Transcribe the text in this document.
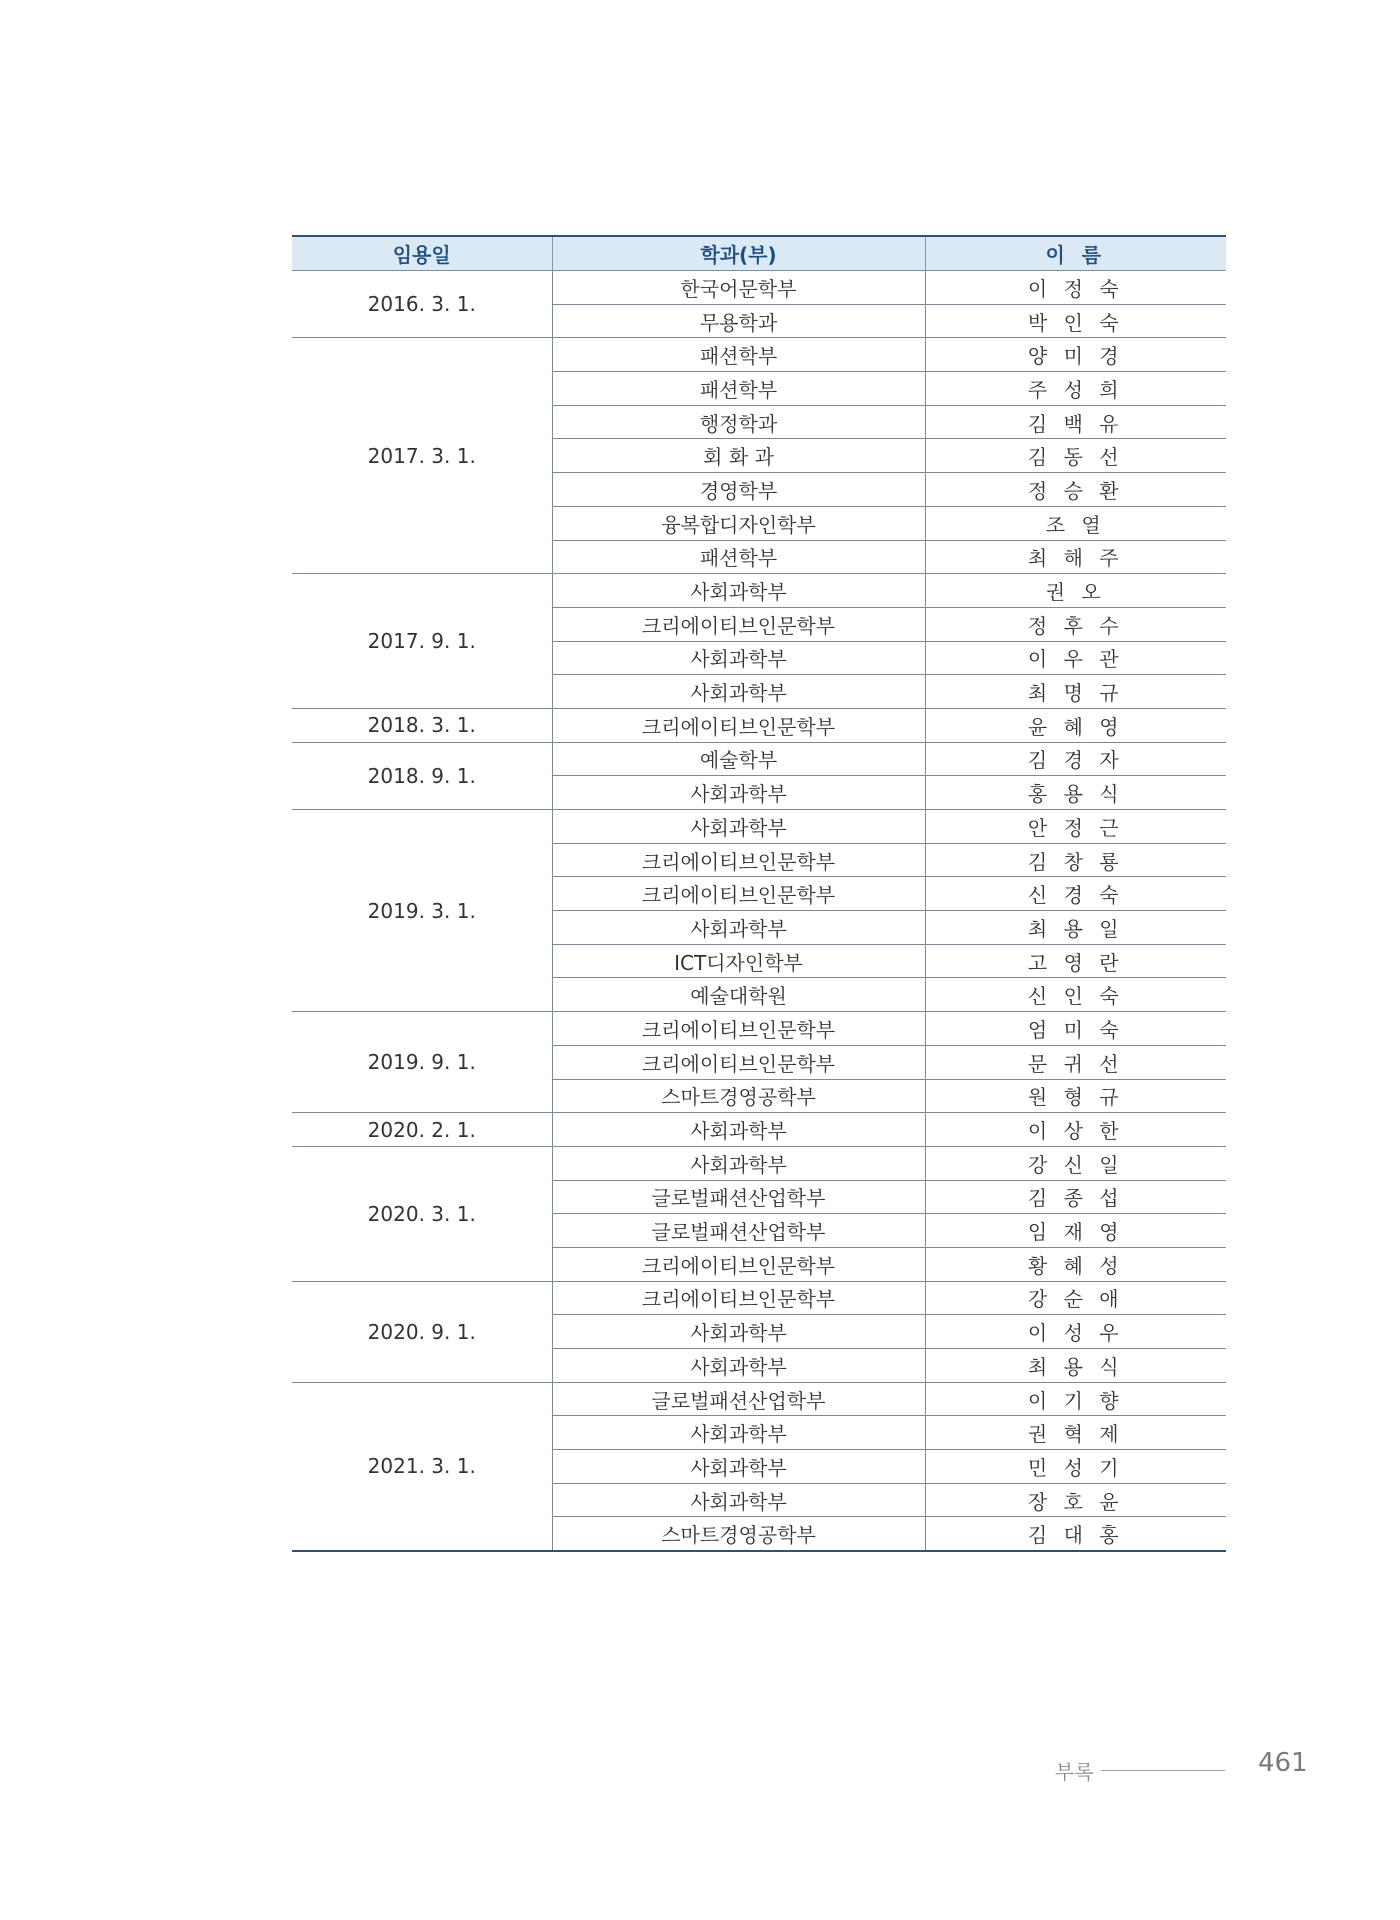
임용일	학과(부)	이 름
2016. 3. 1.	한국어문학부	이 정 숙
	무용학과	박 인 숙
2017. 3. 1.	패션학부	양 미 경
	패션학부	주 성 희
	행정학과	김 백 유
	회 화 과	김 동 선
	경영학부	정 승 환
	융복합디자인학부	조 열
	패션학부	최 해 주
2017. 9. 1.	사회과학부	권 오
	크리에이티브인문학부	정 후 수
	사회과학부	이 우 관
	사회과학부	최 명 규
2018. 3. 1.	크리에이티브인문학부	윤 혜 영
2018. 9. 1.	예술학부	김 경 자
	사회과학부	홍 용 식
2019. 3. 1.	사회과학부	안 정 근
	크리에이티브인문학부	김 창 룡
	크리에이티브인문학부	신 경 숙
	사회과학부	최 용 일
	ICT디자인학부	고 영 란
	예술대학원	신 인 숙
2019. 9. 1.	크리에이티브인문학부	엄 미 숙
	크리에이티브인문학부	문 귀 선
	스마트경영공학부	원 형 규
2020. 2. 1.	사회과학부	이 상 한
2020. 3. 1.	사회과학부	강 신 일
	글로벌패션산업학부	김 종 섭
	글로벌패션산업학부	임 재 영
	크리에이티브인문학부	황 혜 성
2020. 9. 1.	크리에이티브인문학부	강 순 애
	사회과학부	이 성 우
	사회과학부	최 용 식
2021. 3. 1.	글로벌패션산업학부	이 기 향
	사회과학부	권 혁 제
	사회과학부	민 성 기
	사회과학부	장 호 윤
	스마트경영공학부	김 대 홍
부록	461
